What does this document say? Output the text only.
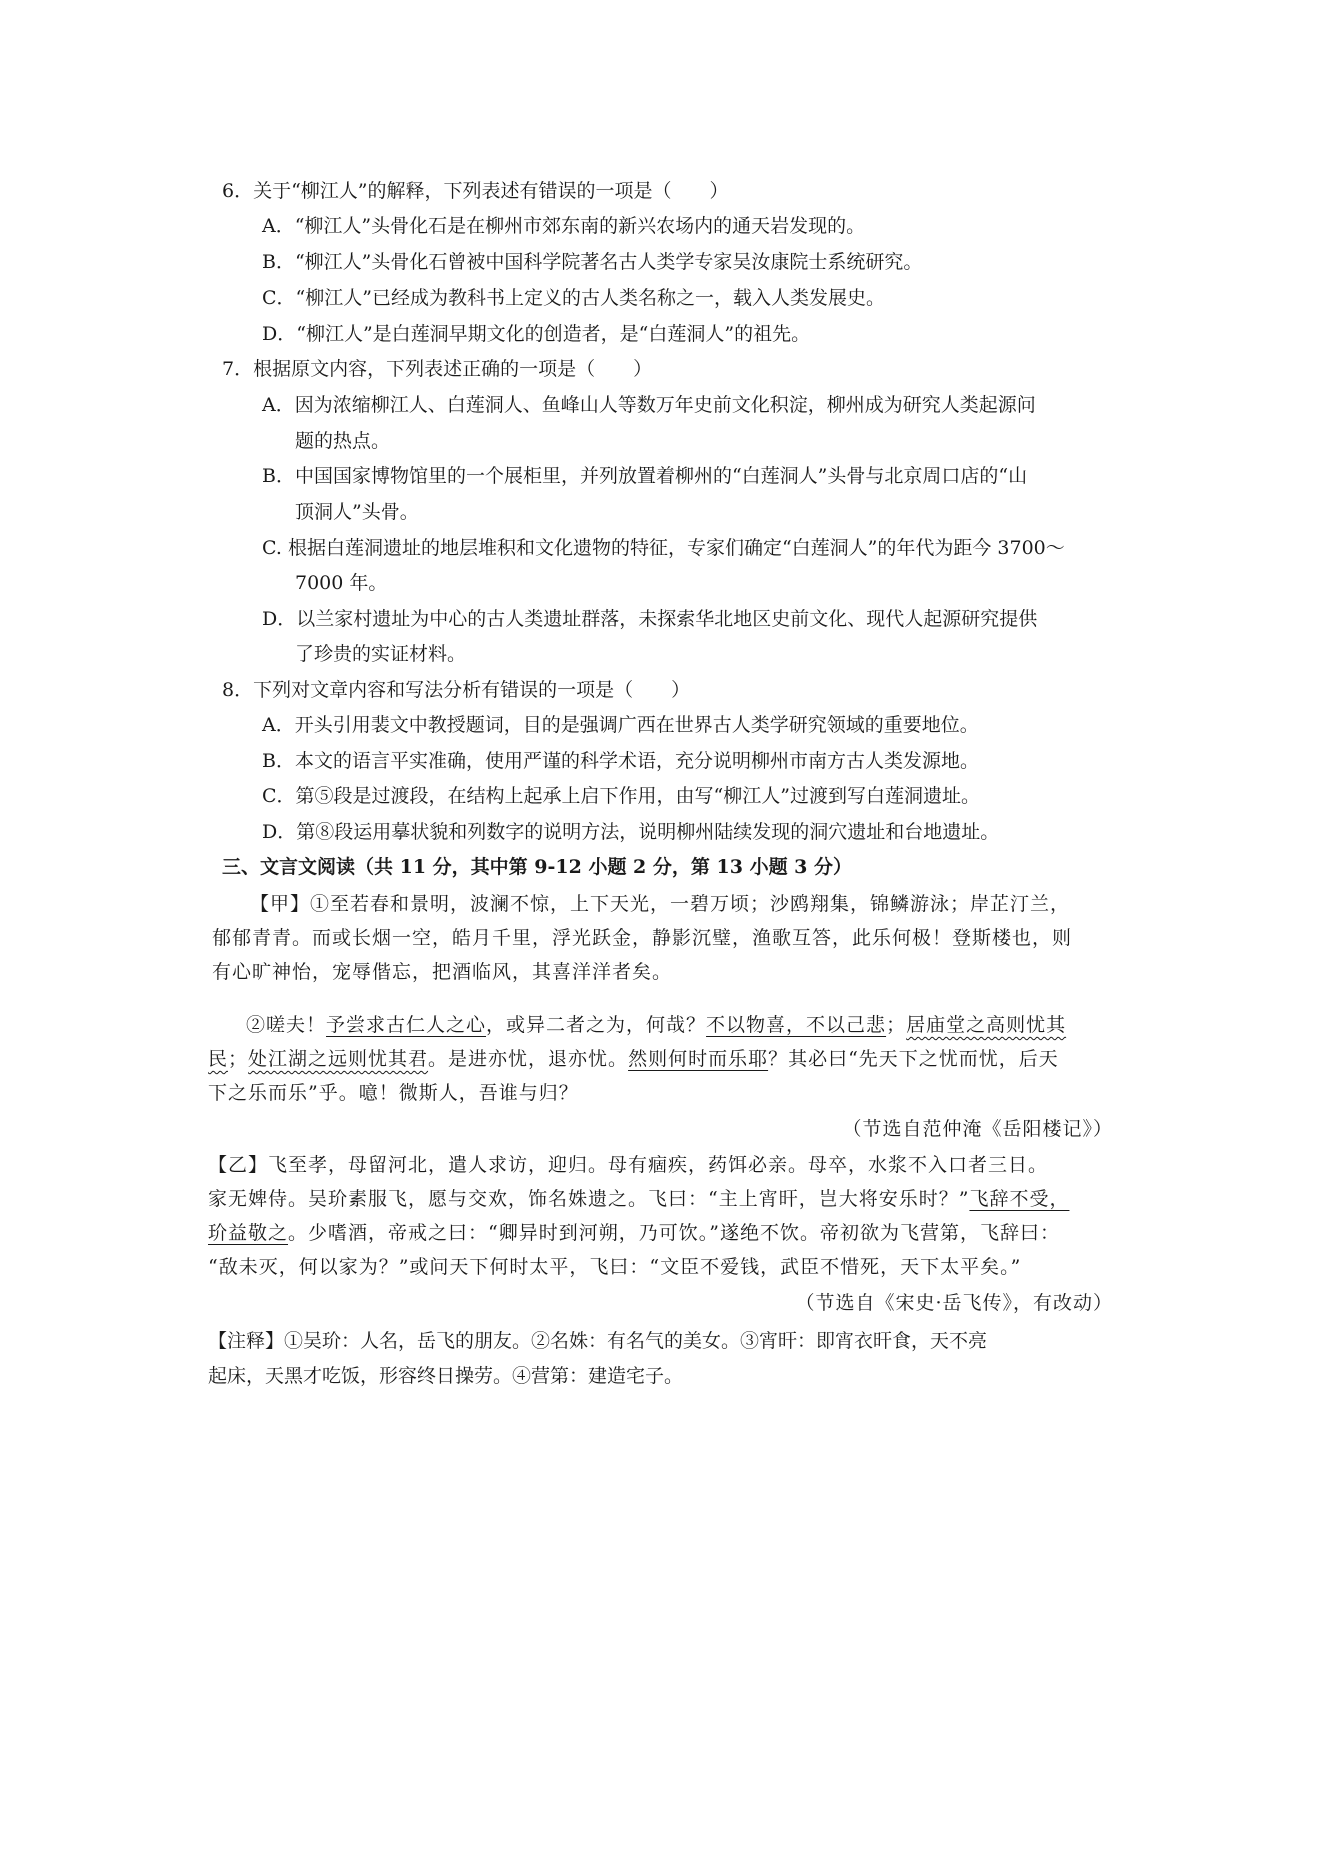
6．关于“柳江人”的解释，下列表述有错误的一项是（　　）
A．“柳江人”头骨化石是在柳州市郊东南的新兴农场内的通天岩发现的。
B．“柳江人”头骨化石曾被中国科学院著名古人类学专家吴汝康院士系统研究。
C．“柳江人”已经成为教科书上定义的古人类名称之一，载入人类发展史。
D．“柳江人”是白莲洞早期文化的创造者，是“白莲洞人”的祖先。
7．根据原文内容，下列表述正确的一项是（　　）
A．因为浓缩柳江人、白莲洞人、鱼峰山人等数万年史前文化积淀，柳州成为研究人类起源问
题的热点。
B．中国国家博物馆里的一个展柜里，并列放置着柳州的“白莲洞人”头骨与北京周口店的“山
顶洞人”头骨。
C. 根据白莲洞遗址的地层堆积和文化遗物的特征，专家们确定“白莲洞人”的年代为距今 3700～
7000 年。
D．以兰家村遗址为中心的古人类遗址群落，未探索华北地区史前文化、现代人起源研究提供
了珍贵的实证材料。
8．下列对文章内容和写法分析有错误的一项是（　　）
A．开头引用裴文中教授题词，目的是强调广西在世界古人类学研究领域的重要地位。
B．本文的语言平实准确，使用严谨的科学术语，充分说明柳州市南方古人类发源地。
C．第⑤段是过渡段，在结构上起承上启下作用，由写“柳江人”过渡到写白莲洞遗址。
D．第⑧段运用摹状貌和列数字的说明方法，说明柳州陆续发现的洞穴遗址和台地遗址。
三、文言文阅读（共 11 分，其中第 9-12 小题 2 分，第 13 小题 3 分）
【甲】①至若春和景明，波澜不惊，上下天光，一碧万顷；沙鸥翔集，锦鳞游泳；岸芷汀兰，
郁郁青青。而或长烟一空，皓月千里，浮光跃金，静影沉璧，渔歌互答，此乐何极！登斯楼也，则
有心旷神怡，宠辱偕忘，把酒临风，其喜洋洋者矣。
②嗟夫！予尝求古仁人之心，或异二者之为，何哉？不以物喜，不以己悲；居庙堂之高则忧其
民；处江湖之远则忧其君。是进亦忧，退亦忧。然则何时而乐耶？其必曰“先天下之忧而忧，后天
下之乐而乐”乎。噫！微斯人，吾谁与归？
（节选自范仲淹《岳阳楼记》）
【乙】飞至孝，母留河北，遣人求访，迎归。母有痼疾，药饵必亲。母卒，水浆不入口者三日。
家无婢侍。吴玠素服飞，愿与交欢，饰名姝遗之。飞曰：“主上宵旰，岂大将安乐时？”飞辞不受，
玠益敬之。少嗜酒，帝戒之曰：“卿异时到河朔，乃可饮。”遂绝不饮。帝初欲为飞营第，飞辞曰：
“敌未灭，何以家为？”或问天下何时太平，飞曰：“文臣不爱钱，武臣不惜死，天下太平矣。”
（节选自《宋史·岳飞传》，有改动）
【注释】①吴玠：人名，岳飞的朋友。②名姝：有名气的美女。③宵旰：即宵衣旰食，天不亮
起床，天黑才吃饭，形容终日操劳。④营第：建造宅子。
